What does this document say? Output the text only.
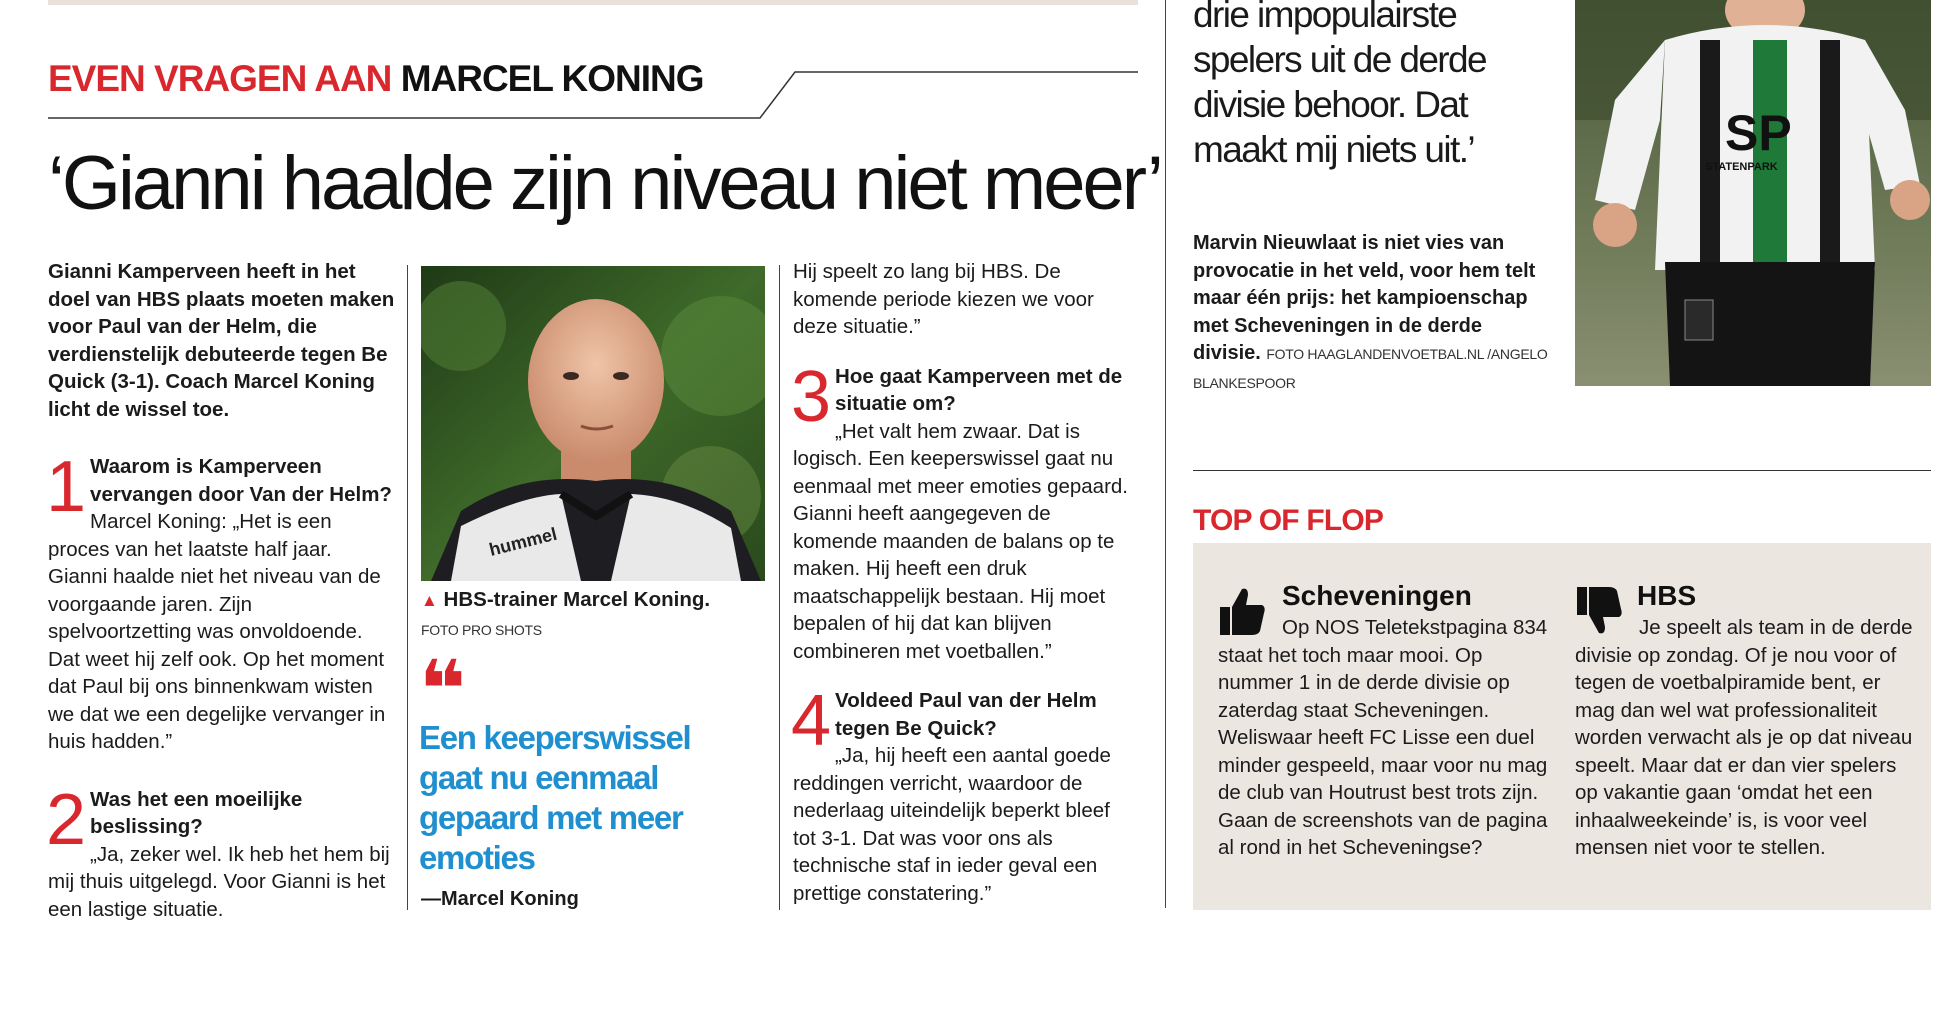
EVEN VRAGEN AAN MARCEL KONING
‘Gianni haalde zijn niveau niet meer’

Gianni Kamperveen heeft in het doel van HBS plaats moeten maken voor Paul van der Helm, die verdienstelijk debuteerde tegen Be Quick (3-1). Coach Marcel Koning licht de wissel toe.

1 Waarom is Kamperveen vervangen door Van der Helm?
Marcel Koning: „Het is een proces van het laatste half jaar. Gianni haalde niet het niveau van de voorgaande jaren. Zijn spelvoortzetting was onvoldoende. Dat weet hij zelf ook. Op het moment dat Paul bij ons binnenkwam wisten we dat we een degelijke vervanger in huis hadden.”
2 Was het een moeilijke beslissing?
„Ja, zeker wel. Ik heb het hem bij mij thuis uitgelegd. Voor Gianni is het een lastige situatie.
hummel
▲ HBS-trainer Marcel Koning.
FOTO PRO SHOTS
❝
Een keeperswissel gaat nu eenmaal gepaard met meer emoties
—Marcel Koning

Hij speelt zo lang bij HBS. De komende periode kiezen we voor deze situatie.”

3 Hoe gaat Kamperveen met de situatie om?
„Het valt hem zwaar. Dat is logisch. Een keeperswissel gaat nu eenmaal met meer emoties gepaard. Gianni heeft aangegeven de komende maanden de balans op te maken. Hij heeft een druk maatschappelijk bestaan. Hij moet bepalen of hij dat kan blijven combineren met voetballen.”
4 Voldeed Paul van der Helm tegen Be Quick?
„Ja, hij heeft een aantal goede reddingen verricht, waardoor de nederlaag uiteindelijk beperkt bleef tot 3-1. Dat was voor ons als technische staf in ieder geval een prettige constatering.”
drie impopulairste spelers uit de derde divisie behoor. Dat maakt mij niets uit.’
Marvin Nieuwlaat is niet vies van provocatie in het veld, voor hem telt maar één prijs: het kampioenschap met Scheveningen in de derde divisie. FOTO HAAGLANDENVOETBAL.NL /ANGELO BLANKESPOOR
SP
STATENPARK
TOP OF FLOP
Scheveningen
Op NOS Teletekstpagina 834 staat het toch maar mooi. Op nummer 1 in de derde divisie op zaterdag staat Scheveningen. Weliswaar heeft FC Lisse een duel minder gespeeld, maar voor nu mag de club van Houtrust best trots zijn. Gaan de screenshots van de pagina al rond in het Scheveningse?
HBS
Je speelt als team in de derde divisie op zondag. Of je nou voor of tegen de voetbalpiramide bent, er mag dan wel wat professionaliteit worden verwacht als je op dat niveau speelt. Maar dat er dan vier spelers op vakantie gaan ‘omdat het een inhaalweekeinde’ is, is voor veel mensen niet voor te stellen.
